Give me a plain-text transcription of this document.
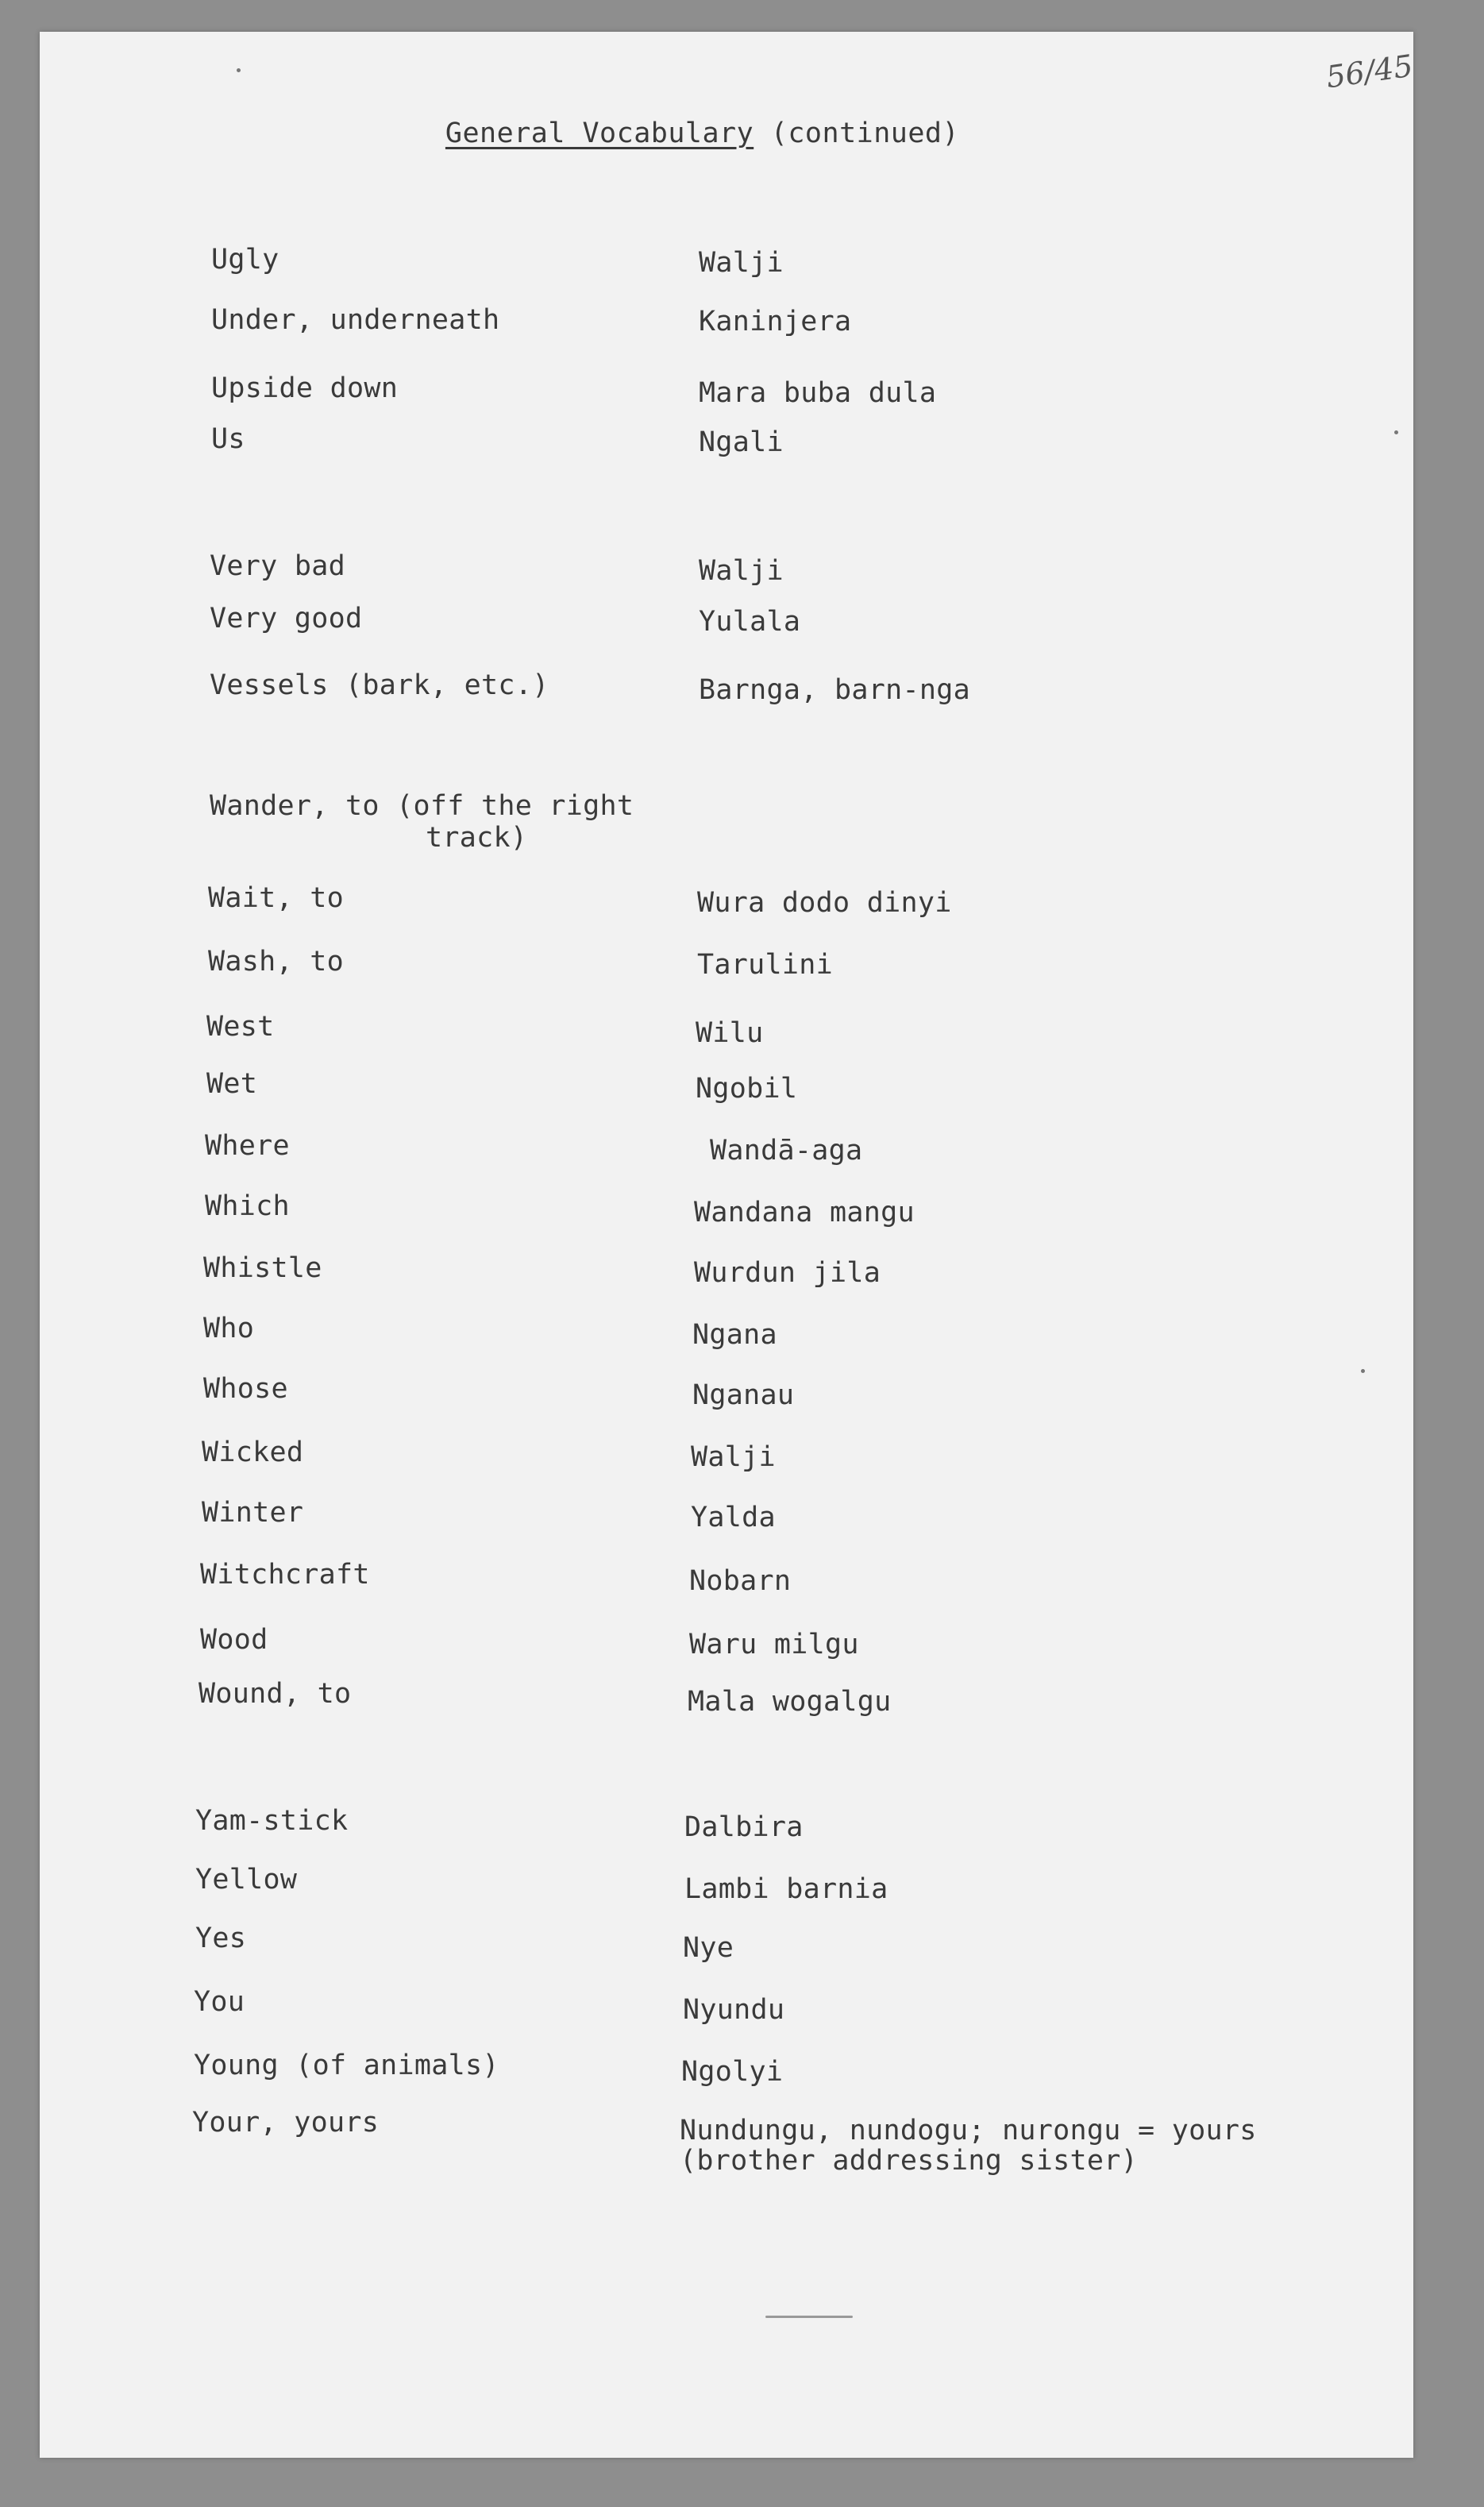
56/45
General Vocabulary (continued)
Ugly	Walji
Under, underneath	Kaninjera
Upside down	Mara buba dula
Us	Ngali
Very bad	Walji
Very good	Yulala
Vessels (bark, etc.)	Barnga, barn-nga
Wander, to (off the right
track)
Wait, to	Wura dodo dinyi
Wash, to	Tarulini
West	Wilu
Wet	Ngobil
Where	Wandā-aga
Which	Wandana mangu
Whistle	Wurdun jila
Who	Ngana
Whose	Nganau
Wicked	Walji
Winter	Yalda
Witchcraft	Nobarn
Wood	Waru milgu
Wound, to	Mala wogalgu
Yam-stick	Dalbira
Yellow	Lambi barnia
Yes	Nye
You	Nyundu
Young (of animals)	Ngolyi
Your, yours	Nundungu, nundogu; nurongu = yours
(brother addressing sister)
